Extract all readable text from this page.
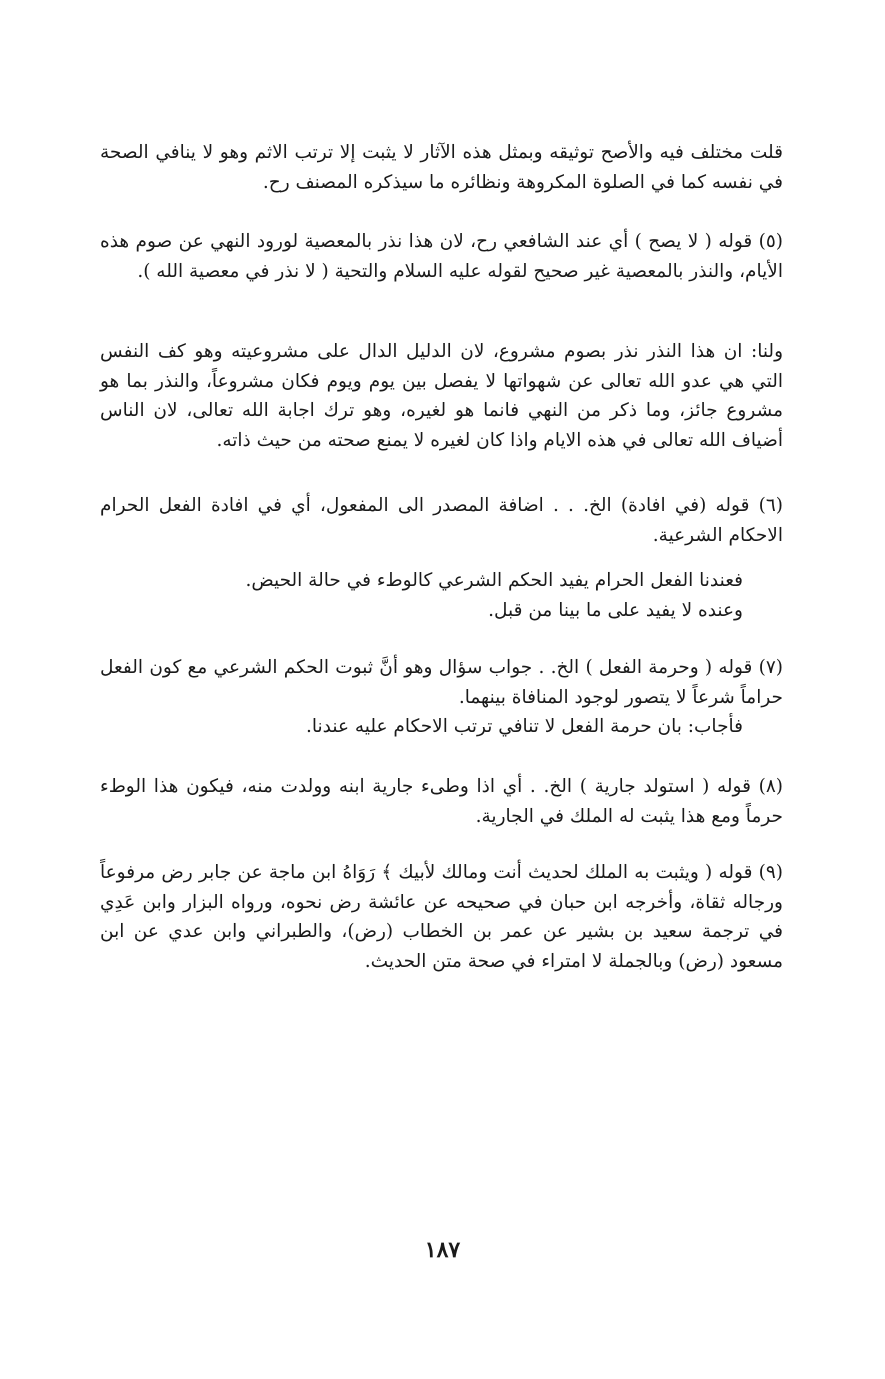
قلت مختلف فيه والأصح توثيقه وبمثل هذه الآثار لا يثبت إلا ترتب الاثم وهو لا ينافي الصحة في نفسه كما في الصلوة المكروهة ونظائره ما سيذكره المصنف رح.
(٥) قوله ( لا يصح ) أي عند الشافعي رح، لان هذا نذر بالمعصية لورود النهي عن صوم هذه الأيام، والنذر بالمعصية غير صحيح لقوله عليه السلام والتحية ( لا نذر في معصية الله ).
ولنا: ان هذا النذر نذر بصوم مشروع، لان الدليل الدال على مشروعيته وهو كف النفس التي هي عدو الله تعالى عن شهواتها لا يفصل بين يوم ويوم فكان مشروعاً، والنذر بما هو مشروع جائز، وما ذكر من النهي فانما هو لغيره، وهو ترك اجابة الله تعالى، لان الناس أضياف الله تعالى في هذه الايام واذا كان لغيره لا يمنع صحته من حيث ذاته.
(٦) قوله (في افادة) الخ. . . اضافة المصدر الى المفعول، أي في افادة الفعل الحرام الاحكام الشرعية.
فعندنا الفعل الحرام يفيد الحكم الشرعي كالوطء في حالة الحيض.
وعنده لا يفيد على ما بينا من قبل.
(٧) قوله ( وحرمة الفعل ) الخ. . جواب سؤال وهو أنَّ ثبوت الحكم الشرعي مع كون الفعل حراماً شرعاً لا يتصور لوجود المنافاة بينهما.
فأجاب: بان حرمة الفعل لا تنافي ترتب الاحكام عليه عندنا.
(٨) قوله ( استولد جارية ) الخ. . أي اذا وطىء جارية ابنه وولدت منه، فيكون هذا الوطء حرماً ومع هذا يثبت له الملك في الجارية.
(٩) قوله ( ويثبت به الملك لحديث أنت ومالك لأبيك ﴾ رَوَاهُ ابن ماجة عن جابر رض مرفوعاً ورجاله ثقاة، وأخرجه ابن حبان في صحيحه عن عائشة رض نحوه، ورواه البزار وابن عَدِي في ترجمة سعيد بن بشير عن عمر بن الخطاب (رض)، والطبراني وابن عدي عن ابن مسعود (رض) وبالجملة لا امتراء في صحة متن الحديث.
١٨٧
